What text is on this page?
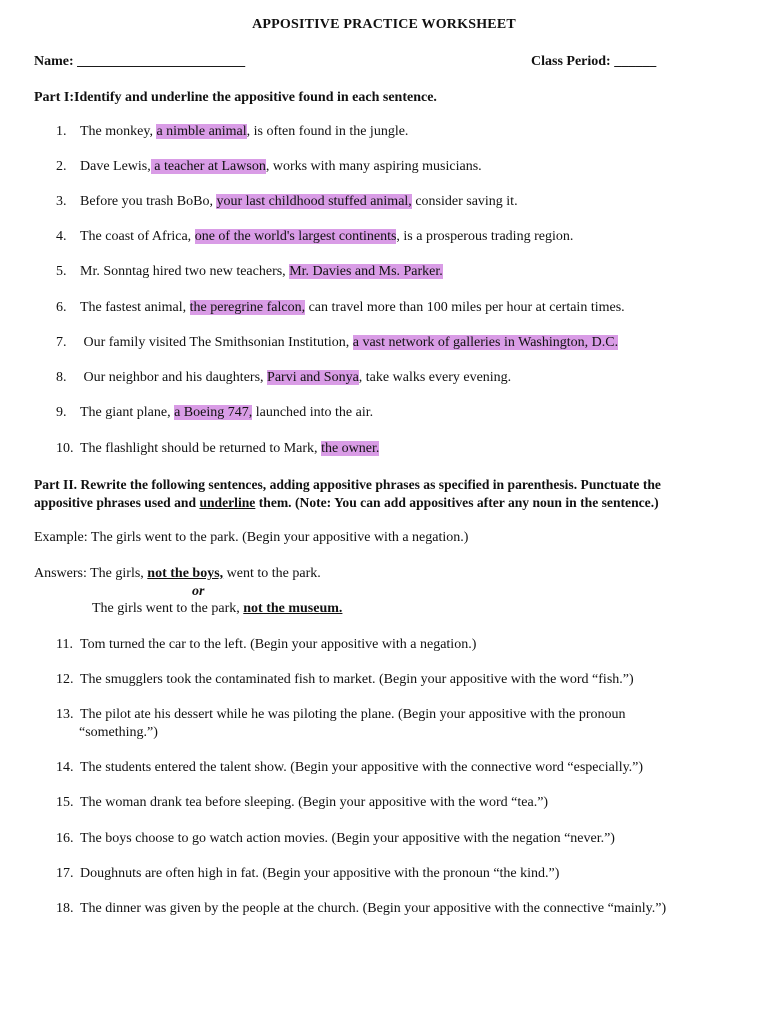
APPOSITIVE PRACTICE WORKSHEET
Name: ________________________	Class Period: ______
Part I:Identify and underline the appositive found in each sentence.
1. The monkey, a nimble animal, is often found in the jungle.
2. Dave Lewis, a teacher at Lawson, works with many aspiring musicians.
3. Before you trash BoBo, your last childhood stuffed animal, consider saving it.
4. The coast of Africa, one of the world's largest continents, is a prosperous trading region.
5. Mr. Sonntag hired two new teachers, Mr. Davies and Ms. Parker.
6. The fastest animal, the peregrine falcon, can travel more than 100 miles per hour at certain times.
7. Our family visited The Smithsonian Institution, a vast network of galleries in Washington, D.C.
8. Our neighbor and his daughters, Parvi and Sonya, take walks every evening.
9. The giant plane, a Boeing 747, launched into the air.
10. The flashlight should be returned to Mark, the owner.
Part II. Rewrite the following sentences, adding appositive phrases as specified in parenthesis. Punctuate the
appositive phrases used and underline them. (Note: You can add appositives after any noun in the sentence.)
Example: The girls went to the park. (Begin your appositive with a negation.)
Answers: The girls, not the boys, went to the park.
or
The girls went to the park, not the museum.
11. Tom turned the car to the left. (Begin your appositive with a negation.)
12. The smugglers took the contaminated fish to market. (Begin your appositive with the word “fish.”)
13. The pilot ate his dessert while he was piloting the plane. (Begin your appositive with the pronoun
“something.”)
14. The students entered the talent show. (Begin your appositive with the connective word “especially.”)
15. The woman drank tea before sleeping. (Begin your appositive with the word “tea.”)
16. The boys choose to go watch action movies. (Begin your appositive with the negation “never.”)
17. Doughnuts are often high in fat. (Begin your appositive with the pronoun “the kind.”)
18. The dinner was given by the people at the church. (Begin your appositive with the connective “mainly.”)
